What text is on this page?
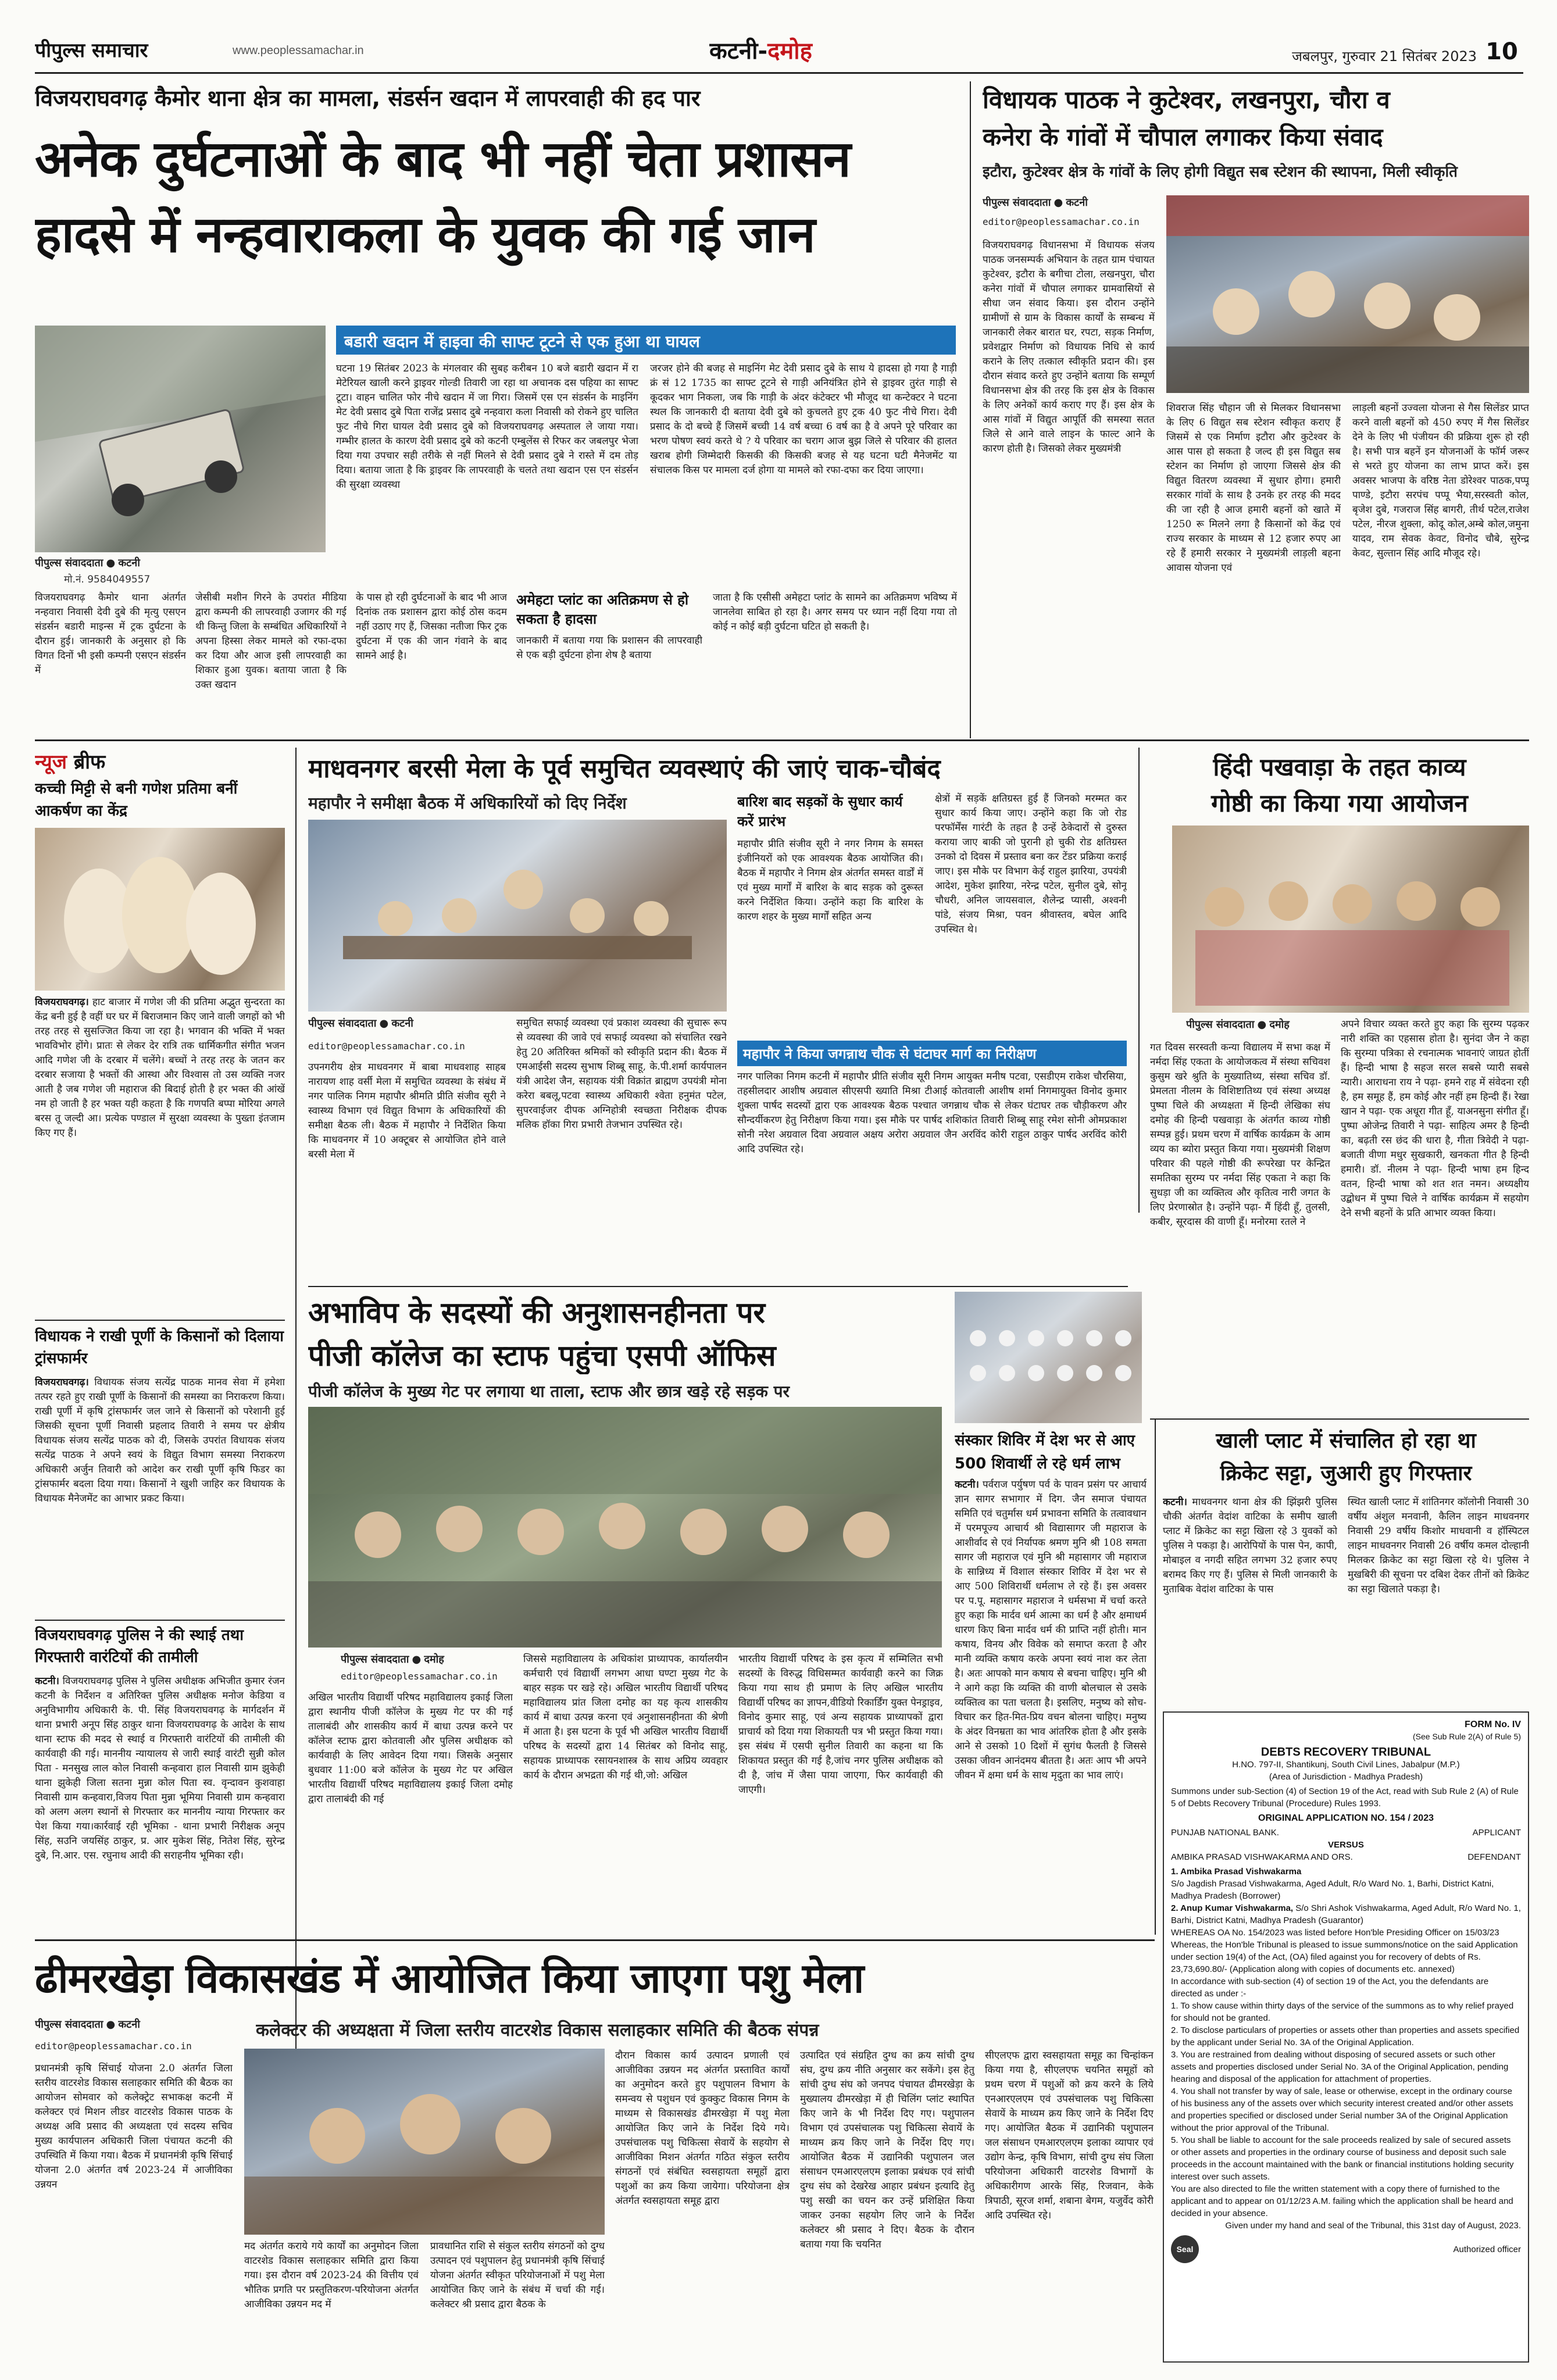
पीपुल्स समाचार	www.peoplessamachar.in	कटनी-दमोह	जबलपुर, गुरुवार 21 सितंबर 2023 10
विजयराघवगढ़ कैमोर थाना क्षेत्र का मामला, संडर्सन खदान में लापरवाही की हद पार
अनेक दुर्घटनाओं के बाद भी नहीं चेता प्रशासन
हादसे में नन्हवाराकला के युवक की गई जान
पीपुल्स संवाददाता ● कटनी
मो.नं. 9584049557
बडारी खदान में हाइवा की साफ्ट टूटने से एक हुआ था घायल
घटना 19 सितंबर 2023 के मंगलवार की सुबह करीबन 10 बजे बडारी खदान में रा मेटेरियल खाली करने ड्राइवर गोल्डी तिवारी जा रहा था अचानक दस पहिया का साफ्ट टूटा। वाहन चालित फोर नीचे खदान में जा गिरा। जिसमें एस एन संडर्सन के माइनिंग मेट देवी प्रसाद दुबे पिता राजेंद्र प्रसाद दुबे नन्हवारा कला निवासी को रोकने हुए चालित फुट नीचे गिरा घायल देवी प्रसाद दुबे को विजयराघवगढ़ अस्पताल ले जाया गया। गम्भीर हालत के कारण देवी प्रसाद दुबे को कटनी एम्बुलेंस से रिफर कर जबलपुर भेजा दिया गया उपचार सही तरीके से नहीं मिलने से देवी प्रसाद दुबे ने रास्ते में दम तोड़ दिया। बताया जाता है कि ड्राइवर कि लापरवाही के चलते तथा खदान एस एन संडर्सन की सुरक्षा व्यवस्था
जरजर होने की बजह से माइनिंग मेट देवी प्रसाद दुबे के साथ ये हादसा हो गया है गाड़ी क्रं सं 12 1735 का साफ्ट टूटने से गाड़ी अनियंत्रित होने से ड्राइवर तुरंत गाड़ी से कूदकर भाग निकला, जब कि गाड़ी के अंदर कंटेक्टर भी मौजूद था कन्टेक्टर ने घटना स्थल कि जानकारी दी बताया देवी दुबे को कुचलते हुए ट्रक 40 फुट नीचे गिरा। देवी प्रसाद के दो बच्चे हैं जिसमें बच्ची 14 वर्ष बच्चा 6 वर्ष का है वे अपने पूरे परिवार का भरण पोषण स्वयं करते थे ? ये परिवार का चराग आज बुझ जिले से परिवार की हालत खराब होगी जिम्मेदारी किसकी की किसकी बजह से यह घटना घटी मैनेजमेंट या संचालक किस पर मामला दर्ज होगा या मामले को रफा-दफा कर दिया जाएगा।
विजयराघवगढ़ कैमोर थाना अंतर्गत नन्हवारा निवासी देवी दुबे की मृत्यु एसएन संडर्सन बडारी माइन्स में ट्रक दुर्घटना के दौरान हुई। जानकारी के अनुसार हो कि विगत दिनों भी इसी कम्पनी एसएन संडर्सन में
जेसीबी मशीन गिरने के उपरांत मीडिया द्वारा कम्पनी की लापरवाही उजागर की गई थी किन्तु जिला के सम्बंधित अधिकारियों ने अपना हिस्सा लेकर मामले को रफा-दफा कर दिया और आज इसी लापरवाही का शिकार हुआ युवक। बताया जाता है कि उक्त खदान
के पास हो रही दुर्घटनाओं के बाद भी आज दिनांक तक प्रशासन द्वारा कोई ठोस कदम नहीं उठाए गए हैं, जिसका नतीजा फिर ट्रक दुर्घटना में एक की जान गंवाने के बाद सामने आई है।
अमेहटा प्लांट का अतिक्रमण से हो सकता है हादसा
जानकारी में बताया गया कि प्रशासन की लापरवाही से एक बड़ी दुर्घटना होना शेष है बताया
जाता है कि एसीसी अमेहटा प्लांट के सामने का अतिक्रमण भविष्य में जानलेवा साबित हो रहा है। अगर समय पर ध्यान नहीं दिया गया तो कोई न कोई बड़ी दुर्घटना घटित हो सकती है।
विधायक पाठक ने कुटेश्वर, लखनपुरा, चौरा व
कनेरा के गांवों में चौपाल लगाकर किया संवाद
इटौरा, कुटेश्वर क्षेत्र के गांवों के लिए होगी विद्युत सब स्टेशन की स्थापना, मिली स्वीकृति
पीपुल्स संवाददाता ● कटनी
editor@peoplessamachar.co.in
विजयराघवगढ़ विधानसभा में विधायक संजय पाठक जनसम्पर्क अभियान के तहत ग्राम पंचायत कुटेश्वर, इटौरा के बगीचा टोला, लखनपुरा, चौरा कनेरा गांवों में चौपाल लगाकर ग्रामवासियों से सीधा जन संवाद किया। इस दौरान उन्होंने ग्रामीणों से ग्राम के विकास कार्यों के सम्बन्ध में जानकारी लेकर बारात घर, रपटा, सड़क निर्माण, प्रवेशद्वार निर्माण को विधायक निधि से कार्य कराने के लिए तत्काल स्वीकृति प्रदान की। इस दौरान संवाद करते हुए उन्होंने बताया कि सम्पूर्ण विधानसभा क्षेत्र की तरह कि इस क्षेत्र के विकास के लिए अनेकों कार्य कराए गए हैं। इस क्षेत्र के आस गांवों में विद्युत आपूर्ति की समस्या सतत जिले से आने वाले लाइन के फाल्ट आने के कारण होती है। जिसको लेकर मुख्यमंत्री
शिवराज सिंह चौहान जी से मिलकर विधानसभा के लिए 6 विद्युत सब स्टेशन स्वीकृत कराए हैं जिसमें से एक निर्माण इटौरा और कुटेश्वर के आस पास हो सकता है जल्द ही इस विद्युत सब स्टेशन का निर्माण हो जाएगा जिससे क्षेत्र की विद्युत वितरण व्यवस्था में सुधार होगा। हमारी सरकार गांवों के साथ है उनके हर तरह की मदद की जा रही है आज हमारी बहनों को खाते में 1250 रू मिलने लगा है किसानों को केंद्र एवं राज्य सरकार के माध्यम से 12 हजार रुपए आ रहे हैं हमारी सरकार ने मुख्यमंत्री लाड़ली बहना आवास योजना एवं
लाड़ली बहनों उज्वला योजना से गैस सिलेंडर प्राप्त करने वाली बहनों को 450 रुपए में गैस सिलेंडर देने के लिए भी पंजीयन की प्रक्रिया शुरू हो रही है। सभी पात्र बहनें इन योजनाओं के फॉर्म जरूर से भरते हुए योजना का लाभ प्राप्त करें। इस अवसर भाजपा के वरिष्ठ नेता डोरेश्वर पाठक,पप्पू पाण्डे, इटौरा सरपंच पप्पू भैया,सरस्वती कोल, बृजेश दुबे, गजराज सिंह बागरी, तीर्थ पटेल,राजेश पटेल, नीरज शुक्ला, कोदू कोल,अम्बे कोल,जमुना यादव, राम सेवक केवट, विनोद चौबे, सुरेन्द्र केवट, सुल्तान सिंह आदि मौजूद रहे।
न्यूज ब्रीफ
कच्ची मिट्टी से बनी गणेश प्रतिमा बनीं आकर्षण का केंद्र
विजयराघवगढ़। हाट बाजार में गणेश जी की प्रतिमा अद्भुत सुन्दरता का केंद्र बनी हुई है वहीं घर घर में बिराजमान किए जाने वाली जगहों को भी तरह तरह से सुसज्जित किया जा रहा है। भगवान की भक्ति में भक्त भावविभोर होंगे। प्रातः से लेकर देर रात्रि तक धार्मिकगीत संगीत भजन आदि गणेश जी के दरबार में चलेंगे। बच्चों ने तरह तरह के जतन कर दरबार सजाया है भक्तों की आस्था और विश्वास तो उस व्यक्ति नजर आती है जब गणेश जी महाराज की बिदाई होती है हर भक्त की आंखें नम हो जाती है हर भक्त यही कहता है कि गणपति बप्पा मोरिया अगले बरस तू जल्दी आ। प्रत्येक पण्डाल में सुरक्षा व्यवस्था के पुख्ता इंतजाम किए गए हैं।
विधायक ने राखी पूर्णी के किसानों को दिलाया ट्रांसफार्मर
विजयराघवगढ़। विधायक संजय सत्येंद्र पाठक मानव सेवा में हमेशा तत्पर रहते हुए राखी पूर्णी के किसानों की समस्या का निराकरण किया। राखी पूर्णी में कृषि ट्रांसफार्मर जल जाने से किसानों को परेशानी हुई जिसकी सूचना पूर्णी निवासी प्रहलाद तिवारी ने समय पर क्षेत्रीय विधायक संजय सत्येंद्र पाठक को दी, जिसके उपरांत विधायक संजय सत्येंद्र पाठक ने अपने स्वयं के विद्युत विभाग समस्या निराकरण अधिकारी अर्जुन तिवारी को आदेश कर राखी पूर्णी कृषि फिडर का ट्रांसफार्मर बदला दिया गया। किसानों ने खुशी जाहिर कर विधायक के विधायक मैनेजमेंट का आभार प्रकट किया।
विजयराघवगढ़ पुलिस ने की स्थाई तथा गिरफ्तारी वारंटियों की तामीली
कटनी। विजयराघवगढ़ पुलिस ने पुलिस अधीक्षक अभिजीत कुमार रंजन कटनी के निर्देशन व अतिरिक्त पुलिस अधीक्षक मनोज केडिया व अनुविभागीय अधिकारी के. पी. सिंह विजयराघवगढ़ के मार्गदर्शन में थाना प्रभारी अनूप सिंह ठाकुर थाना विजयराघवगढ़ के आदेश के साथ थाना स्टाफ की मदद से स्थाई व गिरफ्तारी वारंटियों की तामीली की कार्यवाही की गई। माननीय न्यायालय से जारी स्थाई वारंटी सुन्नी कोल पिता - मनसुख लाल कोल निवासी कन्हवारा हाल निवासी ग्राम झुकेही थाना झुकेही जिला सतना मुन्ना कोल पिता स्व. वृन्दावन कुशवाहा निवासी ग्राम कन्हवारा,विजय पिता मुन्ना भूमिया निवासी ग्राम कन्हवारा को अलग अलग स्थानों से गिरफ्तार कर माननीय न्याया गिरफ्तार कर पेश किया गया।कार्रवाई रही भूमिका - थाना प्रभारी निरीक्षक अनूप सिंह, सउनि जयसिंह ठाकुर, प्र. आर मुकेश सिंह, नितेश सिंह, सुरेन्द्र दुबे, नि.आर. एस. रघुनाथ आदी की सराहनीय भूमिका रही।
माधवनगर बरसी मेला के पूर्व समुचित व्यवस्थाएं की जाएं चाक-चौबंद
महापौर ने समीक्षा बैठक में अधिकारियों को दिए निर्देश
पीपुल्स संवाददाता ● कटनी
editor@peoplessamachar.co.in
उपनगरीय क्षेत्र माधवनगर में बाबा माधवशाह साहब नारायण शाह वर्सी मेला में समुचित व्यवस्था के संबंध में नगर पालिक निगम महापौर श्रीमति प्रीति संजीव सूरी ने स्वास्थ्य विभाग एवं विद्युत विभाग के अधिकारियों की समीक्षा बैठक ली। बैठक में महापौर ने निर्देशित किया कि माधवनगर में 10 अक्टूबर से आयोजित होने वाले बरसी मेला में
समुचित सफाई व्यवस्था एवं प्रकाश व्यवस्था की सुचारू रूप से व्यवस्था की जावे एवं सफाई व्यवस्था को संचालित रखने हेतु 20 अतिरिक्त श्रमिकों को स्वीकृति प्रदान की। बैठक में एमआईसी सदस्य सुभाष शिब्बू साहू, के.पी.शर्मा कार्यपालन यंत्री आदेश जैन, सहायक यंत्री विक्रांत ब्राह्मण उपयंत्री मोना करेरा बबलू,पटवा स्वास्थ्य अधिकारी श्वेता हनुमंत पटेल, सुपरवाईजर दीपक अग्निहोत्री स्वच्छता निरीक्षक दीपक मलिक हॉका गिरा प्रभारी तेजभान उपस्थित रहे।
बारिश बाद सड़कों के सुधार कार्य करें प्रारंभ
महापौर प्रीति संजीव सूरी ने नगर निगम के समस्त इंजीनियरों को एक आवश्यक बैठक आयोजित की। बैठक में महापौर ने निगम क्षेत्र अंतर्गत समस्त वार्डों में एवं मुख्य मार्गों में बारिश के बाद सड़क को दुरूस्त करने निर्देशित किया। उन्होंने कहा कि बारिश के कारण शहर के मुख्य मार्गों सहित अन्य
क्षेत्रों में सड़कें क्षतिग्रस्त हुई हैं जिनको मरम्मत कर सुधार कार्य किया जाए। उन्होंने कहा कि जो रोड परफॉर्मेंस गारंटी के तहत है उन्हें ठेकेदारों से दुरुस्त कराया जाए बाकी जो पुरानी हो चुकी रोड क्षतिग्रस्त उनको दो दिवस में प्रस्ताव बना कर टेंडर प्रक्रिया कराई जाए। इस मौके पर विभाग केई राहुल झारिया, उपयंत्री आदेश, मुकेश झारिया, नरेन्द्र पटेल, सुनील दुबे, सोनू चौधरी, अनिल जायसवाल, शैलेन्द्र प्यासी, अश्वनी पांडे, संजय मिश्रा, पवन श्रीवास्तव, बघेल आदि उपस्थित थे।
महापौर ने किया जगन्नाथ चौक से घंटाघर मार्ग का निरीक्षण
नगर पालिका निगम कटनी में महापौर प्रीति संजीव सूरी निगम आयुक्त मनीष पटवा, एसडीएम राकेश चौरसिया, तहसीलदार आशीष अग्रवाल सीएसपी ख्याति मिश्रा टीआई कोतवाली आशीष शर्मा निगमायुक्त विनोद कुमार शुक्ला पार्षद सदस्यों द्वारा एक आवश्यक बैठक पश्चात जगन्नाथ चौक से लेकर घंटाघर तक चौड़ीकरण और सौन्दर्यीकरण हेतु निरीक्षण किया गया। इस मौके पर पार्षद शशिकांत तिवारी शिब्बू साहू रमेश सोनी ओमप्रकाश सोनी नरेश अग्रवाल दिवा अग्रवाल अक्षय अरोरा अग्रवाल जैन अरविंद कोरी राहुल ठाकुर पार्षद अरविंद कोरी आदि उपस्थित रहे।
हिंदी पखवाड़ा के तहत काव्य
गोष्ठी का किया गया आयोजन
पीपुल्स संवाददाता ● दमोह
गत दिवस सरस्वती कन्या विद्यालय में सभा कक्ष में नर्मदा सिंह एकता के आयोजकत्व में संस्था सचिवश कुसुम खरे श्रुति के मुख्यातिथ्य, संस्था सचिव डॉ. प्रेमलता नीलम के विशिष्टातिथ्य एवं संस्था अध्यक्ष पुष्पा चिले की अध्यक्षता में हिन्दी लेखिका संघ दमोह की हिन्दी पखवाड़ा के अंतर्गत काव्य गोष्ठी सम्पन्न हुई। प्रथम चरण में वार्षिक कार्यक्रम के आम व्यय का ब्योरा प्रस्तुत किया गया। मुख्यमंत्री शिक्षण परिवार की पहले गोष्ठी की रूपरेखा पर केन्द्रित समतिका सुरम्य पर नर्मदा सिंह एकता ने कहा कि सुधड़ा जी का व्यक्तित्व और कृतित्व नारी जगत के लिए प्रेरणास्रोत है। उन्होंने पढ़ा- मैं हिंदी हूँ, तुलसी, कबीर, सूरदास की वाणी हूँ। मनोरमा रतले ने
अपने विचार व्यक्त करते हुए कहा कि सुरम्य पढ़कर नारी शक्ति का एहसास होता है। सुनंदा जैन ने कहा कि सुरम्या पत्रिका से रचनात्मक भावनाएं जाग्रत होतीं हैं। हिन्दी भाषा है सहज सरल सबसे प्यारी सबसे न्यारी। आराधना राय ने पढ़ा- हमने राह में संवेदना रही है, हम समूह हैं, हम कोई और नहीं हम हिन्दी हैं। रेखा खान ने पढ़ा- एक अधूरा गीत हूँ, याअनसुना संगीत हूँ। पुष्पा ओजेन्द्र तिवारी ने पढ़ा- साहित्य अमर है हिन्दी का, बढ़ती रस छंद की धारा है, गीता त्रिवेदी ने पढ़ा- बजाती वीणा मधुर सुखकारी, खनकता गीत है हिन्दी हमारी। डॉ. नीलम ने पढ़ा- हिन्दी भाषा हम हिन्द वतन, हिन्दी भाषा को शत शत नमन। अध्यक्षीय उद्बोधन में पुष्पा चिले ने वार्षिक कार्यक्रम में सहयोग देने सभी बहनों के प्रति आभार व्यक्त किया।
अभाविप के सदस्यों की अनुशासनहीनता पर
पीजी कॉलेज का स्टाफ पहुंचा एसपी ऑफिस
पीजी कॉलेज के मुख्य गेट पर लगाया था ताला, स्टाफ और छात्र खड़े रहे सड़क पर
पीपुल्स संवाददाता ● दमोह
editor@peoplessamachar.co.in
अखिल भारतीय विद्यार्थी परिषद महाविद्यालय इकाई जिला द्वारा स्थानीय पीजी कॉलेज के मुख्य गेट पर की गई तालाबंदी और शासकीय कार्य में बाधा उत्पन्न करने पर कॉलेज स्टाफ द्वारा कोतवाली और पुलिस अधीक्षक को कार्यवाही के लिए आवेदन दिया गया। जिसके अनुसार बुधवार 11:00 बजे कॉलेज के मुख्य गेट पर अखिल भारतीय विद्यार्थी परिषद महाविद्यालय इकाई जिला दमोह द्वारा तालाबंदी की गई
जिससे महाविद्यालय के अधिकांश प्राध्यापक, कार्यालयीन कर्मचारी एवं विद्यार्थी लगभग आधा घण्टा मुख्य गेट के बाहर सड़क पर खड़े रहे। अखिल भारतीय विद्यार्थी परिषद महाविद्यालय प्रांत जिला दमोह का यह कृत्य शासकीय कार्य में बाधा उत्पन्न करना एवं अनुशासनहीनता की श्रेणी में आता है। इस घटना के पूर्व भी अखिल भारतीय विद्यार्थी परिषद के सदस्यों द्वारा 14 सितंबर को विनोद साहू, सहायक प्राध्यापक रसायनशास्त्र के साथ अप्रिय व्यवहार कार्य के दौरान अभद्रता की गई थी,जो: अखिल
भारतीय विद्यार्थी परिषद के इस कृत्य में सम्मिलित सभी सदस्यों के विरुद्ध विधिसम्मत कार्यवाही करने का जिक्र किया गया साथ ही प्रमाण के लिए अखिल भारतीय विद्यार्थी परिषद का ज्ञापन,वीडियो रिकार्डिंग युक्त पेनड्राइव, विनोद कुमार साहू, एवं अन्य सहायक प्राध्यापकों द्वारा प्राचार्य को दिया गया शिकायती पत्र भी प्रस्तुत किया गया। इस संबंध में एसपी सुनील तिवारी का कहना था कि शिकायत प्रस्तुत की गई है,जांच नगर पुलिस अधीक्षक को दी है, जांच में जैसा पाया जाएगा, फिर कार्यवाही की जाएगी।
संस्कार शिविर में देश भर से आए
500 शिवार्थी ले रहे धर्म लाभ
कटनी। पर्वराज पर्युषण पर्व के पावन प्रसंग पर आचार्य ज्ञान सागर सभागार में दिग. जैन समाज पंचायत समिति एवं चतुर्मास धर्म प्रभावना समिति के तत्वावधान में परमपूज्य आचार्य श्री विद्यासागर जी महाराज के आशीर्वाद से एवं निर्यापक श्रमण मुनि श्री 108 समता सागर जी महाराज एवं मुनि श्री महासागर जी महाराज के सान्निध्य में विशाल संस्कार शिविर में देश भर से आए 500 शिविरार्थी धर्मलाभ ले रहे हैं। इस अवसर पर प.पू. महासागर महाराज ने धर्मसभा में चर्चा करते हुए कहा कि मार्दव धर्म आत्मा का धर्म है और क्षमाधर्म धारण किए बिना मार्दव धर्म की प्राप्ति नहीं होती। मान कषाय, विनय और विवेक को समाप्त करता है और मानी व्यक्ति कषाय करके अपना स्वयं नाश कर लेता है। अतः आपको मान कषाय से बचना चाहिए। मुनि श्री ने आगे कहा कि व्यक्ति की वाणी बोलचाल से उसके व्यक्तित्व का पता चलता है। इसलिए, मनुष्य को सोच-विचार कर हित-मित-प्रिय वचन बोलना चाहिए। मनुष्य के अंदर विनम्रता का भाव आंतरिक होता है और इसके आने से उसको 10 दिशों में सुगंध फैलती है जिससे उसका जीवन आनंदमय बीतता है। अतः आप भी अपने जीवन में क्षमा धर्म के साथ मृदुता का भाव लाएं।
खाली प्लाट में संचालित हो रहा था
क्रिकेट सट्टा, जुआरी हुए गिरफ्तार
कटनी। माधवनगर थाना क्षेत्र की झिंझरी पुलिस चौकी अंतर्गत वेदांश वाटिका के समीप खाली प्लाट में क्रिकेट का सट्टा खिला रहे 3 युवकों को पुलिस ने पकड़ा है। आरोपियों के पास पेन, कापी, मोबाइल व नगदी सहित लगभग 32 हजार रुपए बरामद किए गए हैं। पुलिस से मिली जानकारी के मुताबिक वेदांश वाटिका के पास
स्थित खाली प्लाट में शांतिनगर कॉलोनी निवासी 30 वर्षीय अंशुल मनवानी, कैलिन लाइन माधवनगर निवासी 29 वर्षीय किशोर माधवानी व हॉस्पिटल लाइन माधवनगर निवासी 26 वर्षीय कमल दोल्हानी मिलकर क्रिकेट का सट्टा खिला रहे थे। पुलिस ने मुखबिरी की सूचना पर दबिश देकर तीनों को क्रिकेट का सट्टा खिलाते पकड़ा है।
FORM No. IV
(See Sub Rule 2(A) of Rule 5)
DEBTS RECOVERY TRIBUNAL
H.NO. 797-II, Shantikunj, South Civil Lines, Jabalpur (M.P.)
(Area of Jurisdiction - Madhya Pradesh)
Summons under sub-Section (4) of Section 19 of the Act, read with Sub Rule 2 (A) of Rule 5 of Debts Recovery Tribunal (Procedure) Rules 1993.
ORIGINAL APPLICATION NO. 154 / 2023
PUNJAB NATIONAL BANK.	APPLICANT
VERSUS
AMBIKA PRASAD VISHWAKARMA AND ORS.	DEFENDANT
1. Ambika Prasad Vishwakarma
S/o Jagdish Prasad Vishwakarma, Aged Adult, R/o Ward No. 1, Barhi, District Katni, Madhya Pradesh (Borrower)
2. Anup Kumar Vishwakarma, S/o Shri Ashok Vishwakarma, Aged Adult, R/o Ward No. 1, Barhi, District Katni, Madhya Pradesh (Guarantor)
WHEREAS OA No. 154/2023 was listed before Hon'ble Presiding Officer on 15/03/23
Whereas, the Hon'ble Tribunal is pleased to issue summons/notice on the said Application under section 19(4) of the Act, (OA) filed against you for recovery of debts of Rs. 23,73,690.80/- (Application along with copies of documents etc. annexed)
In accordance with sub-section (4) of section 19 of the Act, you the defendants are directed as under :-
1. To show cause within thirty days of the service of the summons as to why relief prayed for should not be granted.
2. To disclose particulars of properties or assets other than properties and assets specified by the applicant under Serial No. 3A of the Original Application.
3. You are restrained from dealing without disposing of secured assets or such other assets and properties disclosed under Serial No. 3A of the Original Application, pending hearing and disposal of the application for attachment of properties.
4. You shall not transfer by way of sale, lease or otherwise, except in the ordinary course of his business any of the assets over which security interest created and/or other assets and properties specified or disclosed under Serial number 3A of the Original Application without the prior approval of the Tribunal.
5. You shall be liable to account for the sale proceeds realized by sale of secured assets or other assets and properties in the ordinary course of business and deposit such sale proceeds in the account maintained with the bank or financial institutions holding security interest over such assets.
You are also directed to file the written statement with a copy there of furnished to the applicant and to appear on 01/12/23 A.M. failing which the application shall be heard and decided in your absence.
Given under my hand and seal of the Tribunal, this 31st day of August, 2023.
Seal	Authorized officer
ढीमरखेड़ा विकासखंड में आयोजित किया जाएगा पशु मेला
पीपुल्स संवाददाता ● कटनी
editor@peoplessamachar.co.in
कलेक्टर की अध्यक्षता में जिला स्तरीय वाटरशेड विकास सलाहकार समिति की बैठक संपन्न
प्रधानमंत्री कृषि सिंचाई योजना 2.0 अंतर्गत जिला स्तरीय वाटरशेड विकास सलाहकार समिति की बैठक का आयोजन सोमवार को कलेक्ट्रेट सभाकक्ष कटनी में कलेक्टर एवं मिशन लीडर वाटरशेड विकास पाठक के अध्यक्ष अवि प्रसाद की अध्यक्षता एवं सदस्य सचिव मुख्य कार्यपालन अधिकारी जिला पंचायत कटनी की उपस्थिति में किया गया। बैठक में प्रधानमंत्री कृषि सिंचाई योजना 2.0 अंतर्गत वर्ष 2023-24 में आजीविका उन्नयन
मद अंतर्गत कराये गये कार्यों का अनुमोदन जिला वाटरशेड विकास सलाहकार समिति द्वारा किया गया। इस दौरान वर्ष 2023-24 की वित्तीय एवं भौतिक प्रगति पर प्रस्तुतिकरण-परियोजना अंतर्गत आजीविका उन्नयन मद में
प्रावधानित राशि से संकुल स्तरीय संगठनों को दुग्ध उत्पादन एवं पशुपालन हेतु प्रधानमंत्री कृषि सिंचाई योजना अंतर्गत स्वीकृत परियोजनाओं में पशु मेला आयोजित किए जाने के संबंध में चर्चा की गई। कलेक्टर श्री प्रसाद द्वारा बैठक के
दौरान विकास कार्य उत्पादन प्रणाली एवं आजीविका उन्नयन मद अंतर्गत प्रस्तावित कार्यों का अनुमोदन करते हुए पशुपालन विभाग के समन्वय से पशुधन एवं कुक्कुट विकास निगम के माध्यम से विकासखंड ढीमरखेड़ा में पशु मेला आयोजित किए जाने के निर्देश दिये गये। उपसंचालक पशु चिकित्सा सेवायें के सहयोग से आजीविका मिशन अंतर्गत गठित संकुल स्तरीय संगठनों एवं संबंधित स्वसहायता समूहों द्वारा पशुओं का क्रय किया जायेगा। परियोजना क्षेत्र अंतर्गत स्वसहायता समूह द्वारा
उत्पादित एवं संग्रहित दुग्ध का क्रय सांची दुग्ध संघ, दुग्ध क्रय नीति अनुसार कर सकेंगे। इस हेतु सांची दुग्ध संघ को जनपद पंचायत ढीमरखेड़ा के मुख्यालय ढीमरखेड़ा में ही चिलिंग प्लांट स्थापित किए जाने के भी निर्देश दिए गए। पशुपालन विभाग एवं उपसंचालक पशु चिकित्सा सेवायें के माध्यम क्रय किए जाने के निर्देश दिए गए। आयोजित बैठक में उद्यानिकी पशुपालन जल संसाधन एमआरएलएम इलाका प्रबंधक एवं सांची दुग्ध संघ को देखरेख आहार प्रबंधन इत्यादि हेतु पशु सखी का चयन कर उन्हें प्रशिक्षित किया जाकर उनका सहयोग लिए जाने के निर्देश कलेक्टर श्री प्रसाद ने दिए। बैठक के दौरान बताया गया कि चयनित
सीएलएफ द्वारा स्वसहायता समूह का चिन्हांकन किया गया है, सीएलएफ चयनित समूहों को प्रथम चरण में पशुओं को क्रय करने के लिये एनआरएलएम एवं उपसंचालक पशु चिकित्सा सेवायें के माध्यम क्रय किए जाने के निर्देश दिए गए। आयोजित बैठक में उद्यानिकी पशुपालन जल संसाधन एमआरएलएम इलाका व्यापार एवं उद्योग केन्द्र, कृषि विभाग, सांची दुग्ध संघ जिला परियोजना अधिकारी वाटरशेड विभागों के अधिकारीगण आरके सिंह, रिजवान, केके त्रिपाठी, सूरज शर्मा, शबाना बेगम, यजुर्वेद कोरी आदि उपस्थित रहे।
